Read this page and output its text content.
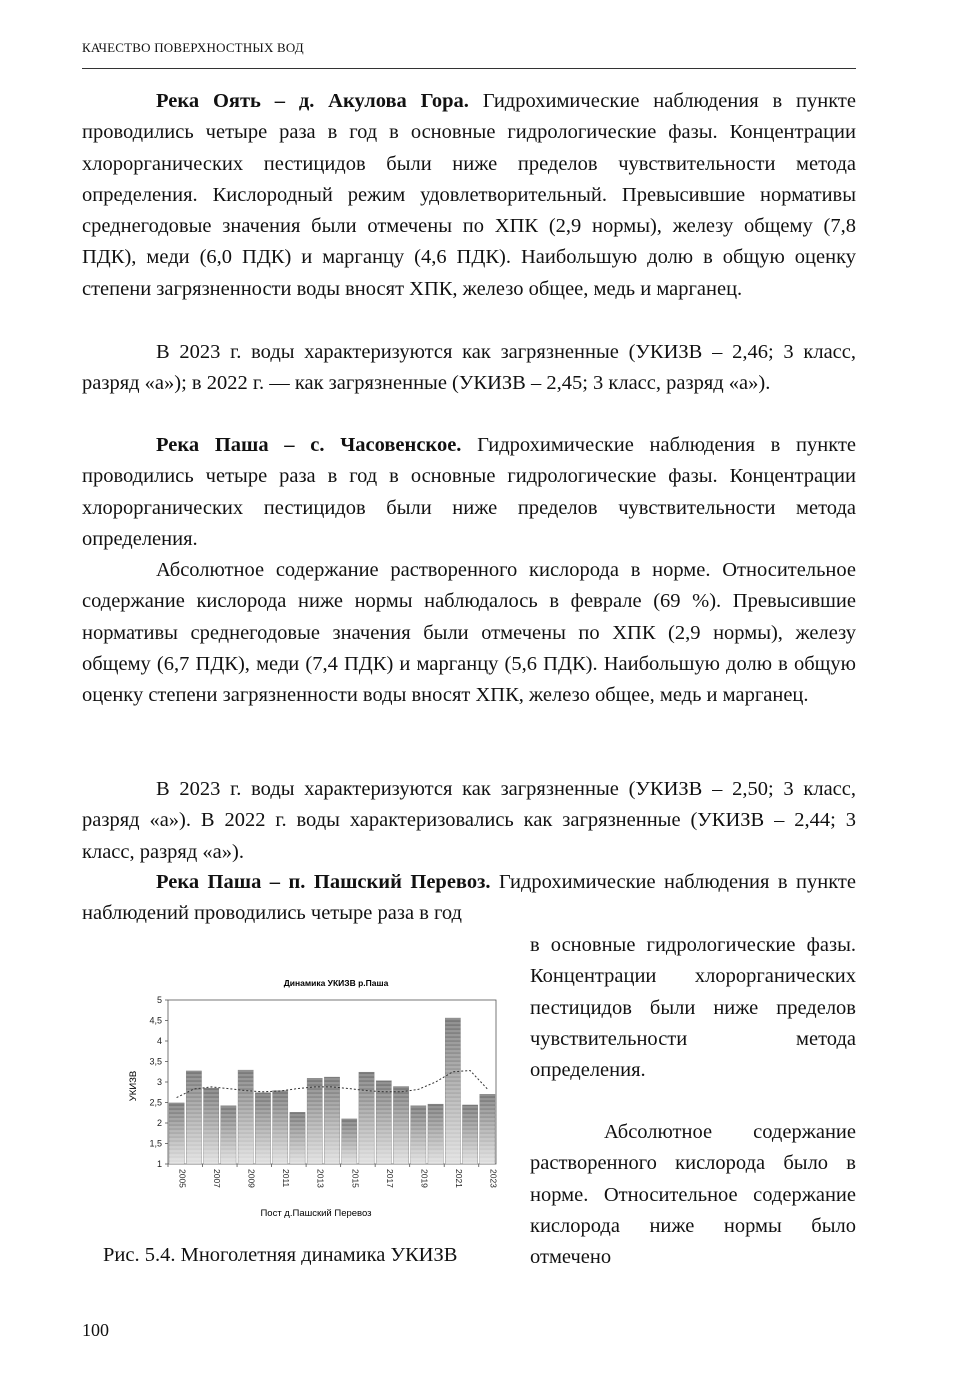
КАЧЕСТВО ПОВЕРХНОСТНЫХ ВОД

Река Оять – д. Акулова Гора. Гидрохимические наблюдения в пункте проводились четыре раза в год в основные гидрологические фазы. Концентрации хлорорганических пестицидов были ниже пределов чувствительности метода определения. Кислородный режим удовлетворительный. Превысившие нормативы среднегодовые значения были отмечены по ХПК (2,9 нормы), железу общему (7,8 ПДК), меди (6,0 ПДК) и марганцу (4,6 ПДК). Наибольшую долю в общую оценку степени загрязненности воды вносят ХПК, железо общее, медь и марганец.

В 2023 г. воды характеризуются как загрязненные (УКИЗВ – 2,46; 3 класс, разряд «а»); в 2022 г. — как загрязненные (УКИЗВ – 2,45; 3 класс, разряд «а»).

Река Паша – с. Часовенское. Гидрохимические наблюдения в пункте проводились четыре раза в год в основные гидрологические фазы. Концентрации хлорорганических пестицидов были ниже пределов чувствительности метода определения.

Абсолютное содержание растворенного кислорода в норме. Относительное содержание кислорода ниже нормы наблюдалось в феврале (69 %). Превысившие нормативы среднегодовые значения были отмечены по ХПК (2,9 нормы), железу общему (6,7 ПДК), меди (7,4 ПДК) и марганцу (5,6 ПДК). Наибольшую долю в общую оценку степени загрязненности воды вносят ХПК, железо общее, медь и марганец.

В 2023 г. воды характеризуются как загрязненные (УКИЗВ – 2,50; 3 класс, разряд «а»). В 2022 г. воды характеризовались как загрязненные (УКИЗВ – 2,44; 3 класс, разряд «а»).

Река Паша – п. Пашский Перевоз. Гидрохимические наблюдения в пункте наблюдений проводились четыре раза в год

в основные гидрологические фазы. Концентрации хлорорганических пестицидов были ниже пределов чувствительности метода определения.

Абсолютное содержание растворенного кислорода было в норме. Относительное содержание кислорода ниже нормы было отмечено

Динамика УКИЗВ р.Паша
УКИЗВ
Пост д.Пашский Перевоз
1
1,5
2
2,5
3
3,5
4
4,5
5
2005	2007	2009	2011	2013	2015	2017	2019	2021	2023
Рис. 5.4. Многолетняя динамика УКИЗВ
100
